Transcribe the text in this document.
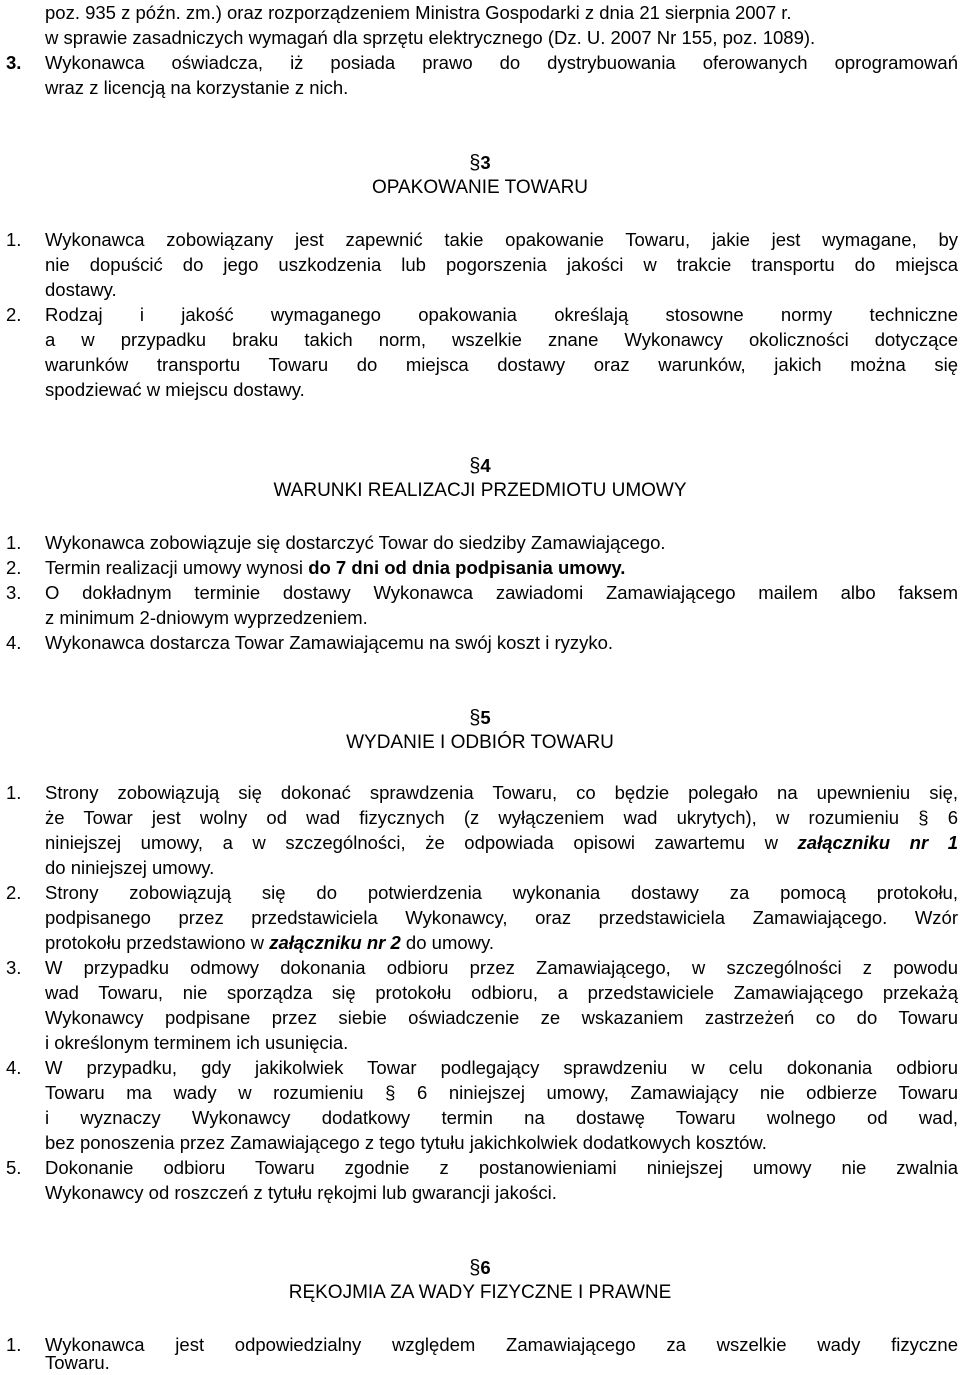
poz. 935 z późn. zm.) oraz rozporządzeniem Ministra Gospodarki z dnia 21 sierpnia 2007 r.
w sprawie zasadniczych wymagań dla sprzętu elektrycznego (Dz. U. 2007 Nr 155, poz. 1089).
3. Wykonawca oświadcza, iż posiada prawo do dystrybuowania oferowanych oprogramowań
wraz z licencją na korzystanie z nich.
§3
OPAKOWANIE TOWARU
1. Wykonawca zobowiązany jest zapewnić takie opakowanie Towaru, jakie jest wymagane, by
nie dopuścić do jego uszkodzenia lub pogorszenia jakości w trakcie transportu do miejsca
dostawy.
2. Rodzaj i jakość wymaganego opakowania określają stosowne normy techniczne
a w przypadku braku takich norm, wszelkie znane Wykonawcy okoliczności dotyczące
warunków transportu Towaru do miejsca dostawy oraz warunków, jakich można się
spodziewać w miejscu dostawy.
§4
WARUNKI REALIZACJI PRZEDMIOTU UMOWY
1. Wykonawca zobowiązuje się dostarczyć Towar do siedziby Zamawiającego.
2. Termin realizacji umowy wynosi do 7 dni od dnia podpisania umowy.
3. O dokładnym terminie dostawy Wykonawca zawiadomi Zamawiającego mailem albo faksem
z minimum 2-dniowym wyprzedzeniem.
4. Wykonawca dostarcza Towar Zamawiającemu na swój koszt i ryzyko.
§5
WYDANIE I ODBIÓR TOWARU
1. Strony zobowiązują się dokonać sprawdzenia Towaru, co będzie polegało na upewnieniu się,
że Towar jest wolny od wad fizycznych (z wyłączeniem wad ukrytych), w rozumieniu § 6
niniejszej umowy, a w szczególności, że odpowiada opisowi zawartemu w załączniku nr 1
do niniejszej umowy.
2. Strony zobowiązują się do potwierdzenia wykonania dostawy za pomocą protokołu,
podpisanego przez przedstawiciela Wykonawcy, oraz przedstawiciela Zamawiającego. Wzór
protokołu przedstawiono w załączniku nr 2 do umowy.
3. W przypadku odmowy dokonania odbioru przez Zamawiającego, w szczególności z powodu
wad Towaru, nie sporządza się protokołu odbioru, a przedstawiciele Zamawiającego przekażą
Wykonawcy podpisane przez siebie oświadczenie ze wskazaniem zastrzeżeń co do Towaru
i określonym terminem ich usunięcia.
4. W przypadku, gdy jakikolwiek Towar podlegający sprawdzeniu w celu dokonania odbioru
Towaru ma wady w rozumieniu § 6 niniejszej umowy, Zamawiający nie odbierze Towaru
i wyznaczy Wykonawcy dodatkowy termin na dostawę Towaru wolnego od wad,
bez ponoszenia przez Zamawiającego z tego tytułu jakichkolwiek dodatkowych kosztów.
5. Dokonanie odbioru Towaru zgodnie z postanowieniami niniejszej umowy nie zwalnia
Wykonawcy od roszczeń z tytułu rękojmi lub gwarancji jakości.
§6
RĘKOJMIA ZA WADY FIZYCZNE I PRAWNE
1. Wykonawca jest odpowiedzialny względem Zamawiającego za wszelkie wady fizyczne
Towaru.
